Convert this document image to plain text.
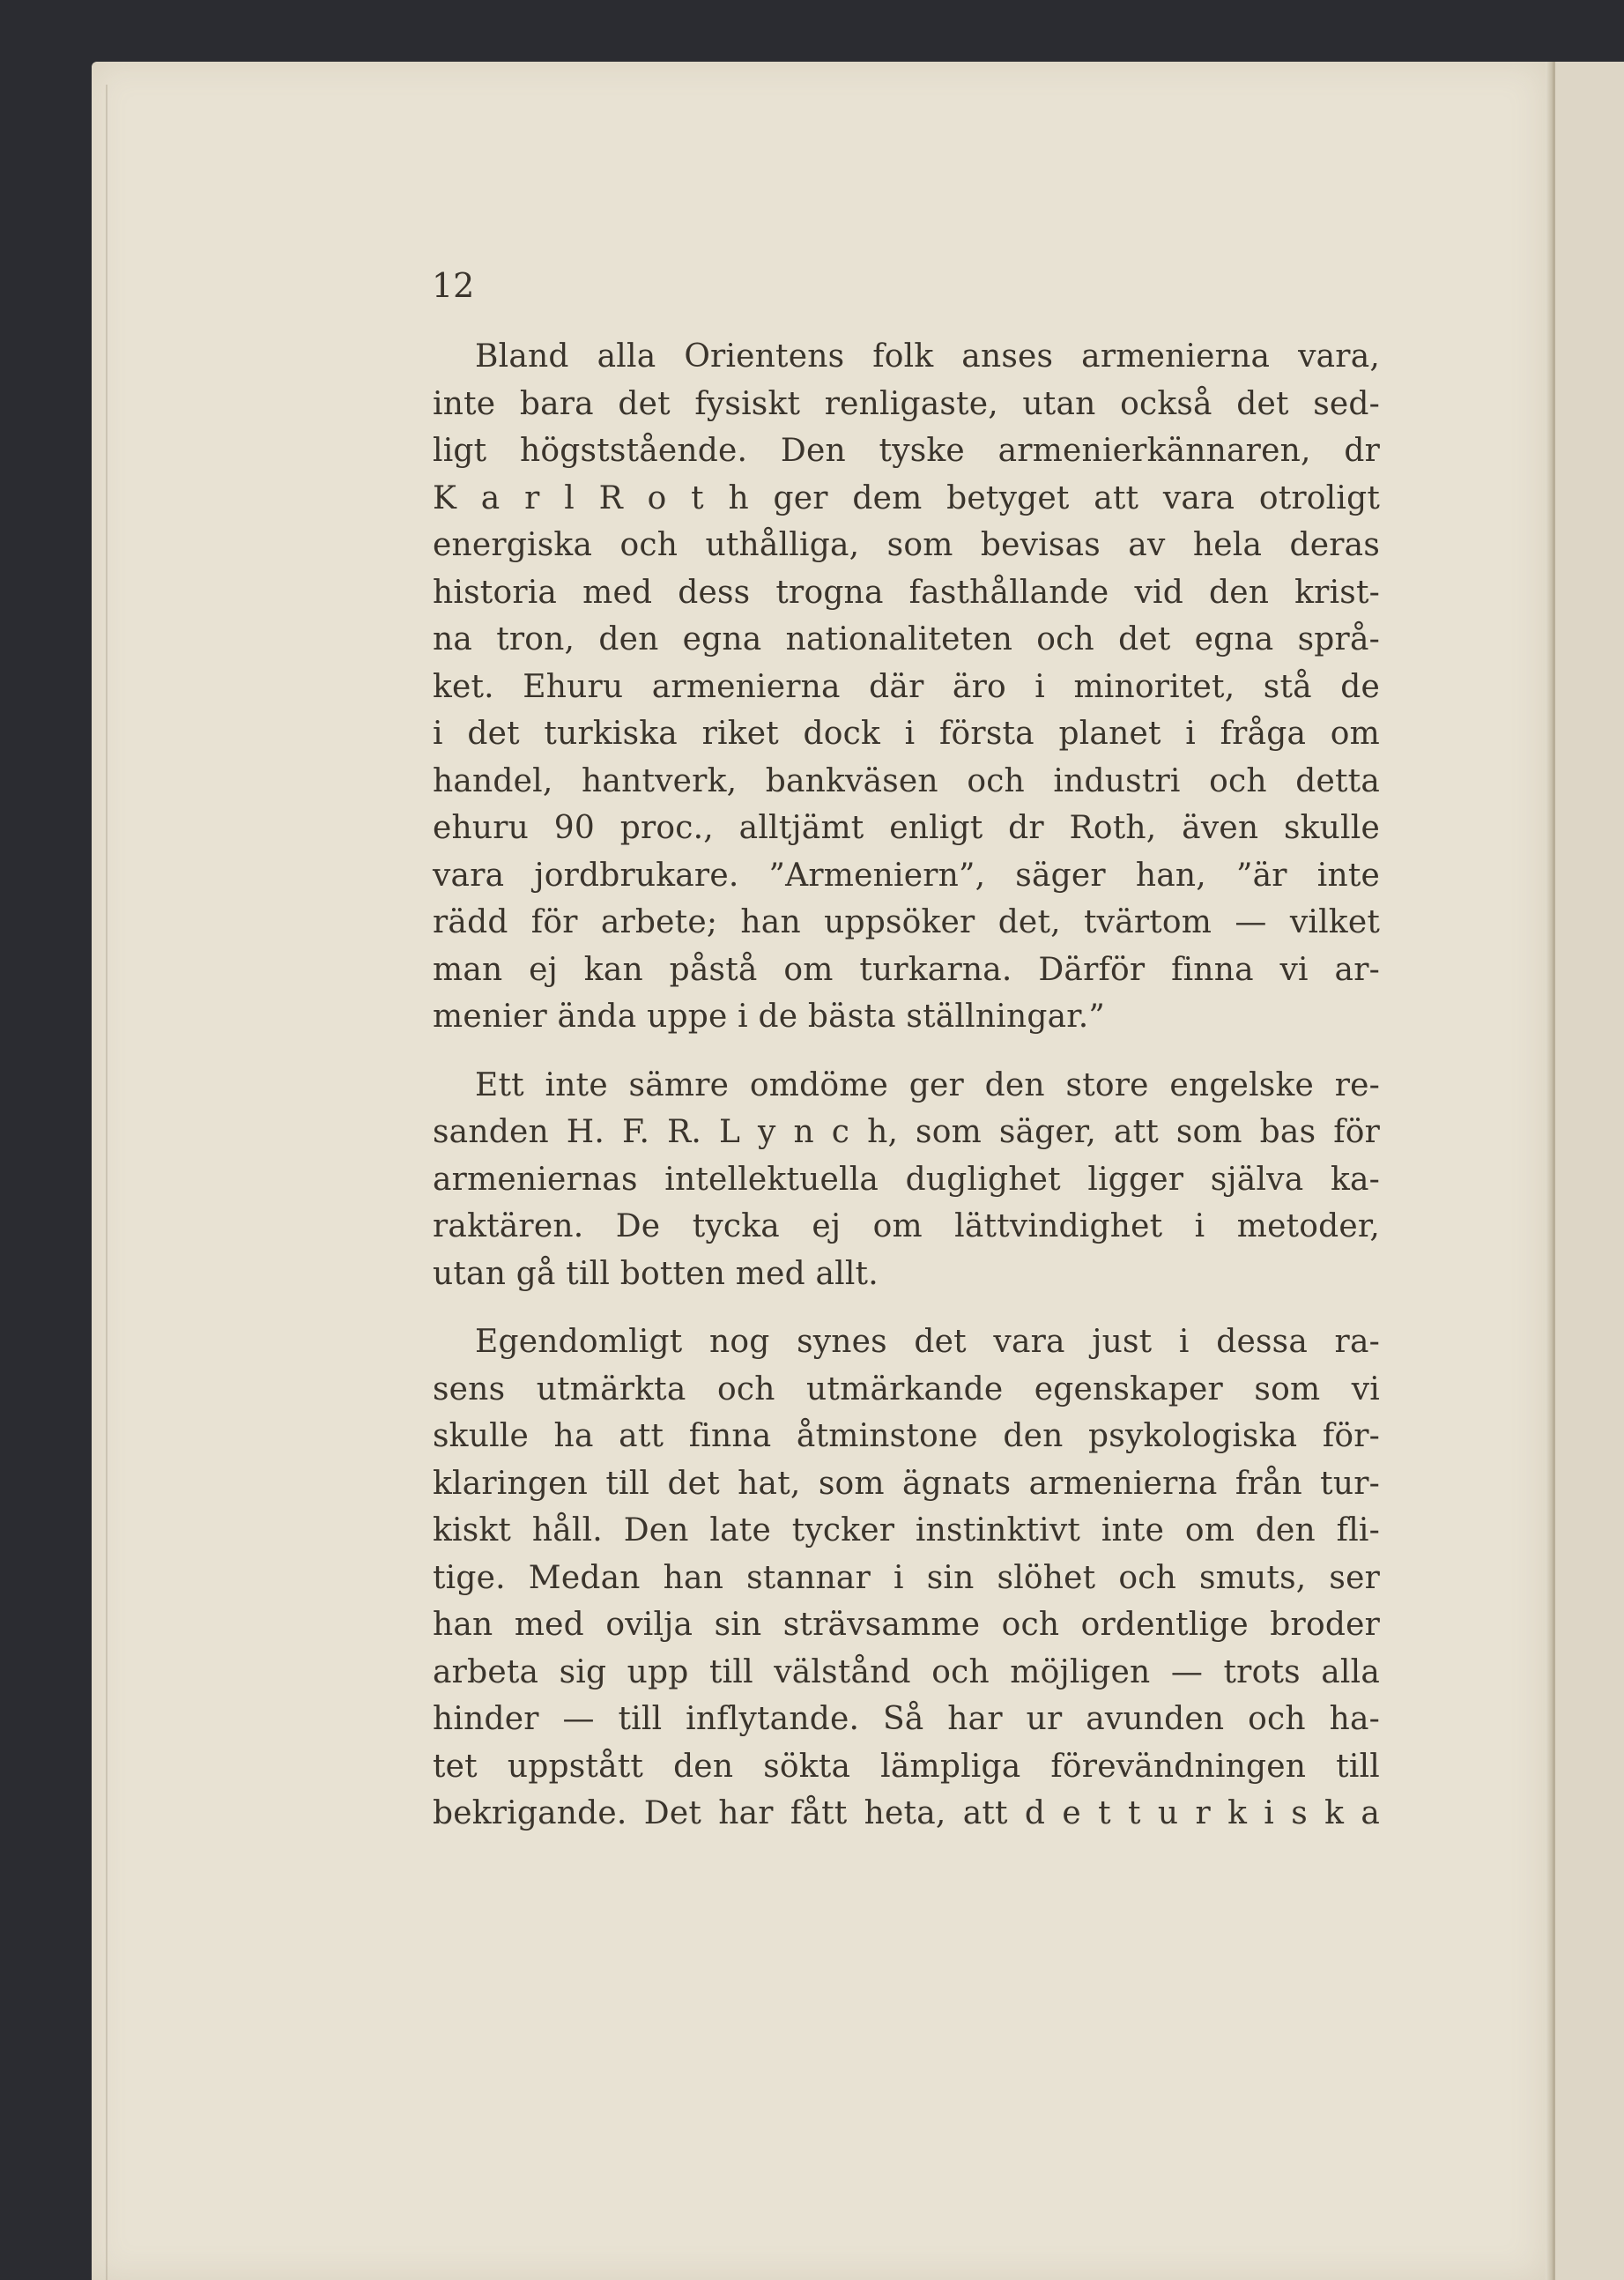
12
Bland alla Orientens folk anses armenierna vara,
inte bara det fysiskt renligaste, utan också det sed-
ligt högststående. Den tyske armenierkännaren, dr
K a r l R o t h ger dem betyget att vara otroligt
energiska och uthålliga, som bevisas av hela deras
historia med dess trogna fasthållande vid den krist-
na tron, den egna nationaliteten och det egna språ-
ket. Ehuru armenierna där äro i minoritet, stå de
i det turkiska riket dock i första planet i fråga om
handel, hantverk, bankväsen och industri och detta
ehuru 90 proc., alltjämt enligt dr Roth, även skulle
vara jordbrukare. ”Armeniern”, säger han, ”är inte
rädd för arbete; han uppsöker det, tvärtom — vilket
man ej kan påstå om turkarna. Därför finna vi ar-
menier ända uppe i de bästa ställningar.”
Ett inte sämre omdöme ger den store engelske re-
sanden H. F. R. L y n c h, som säger, att som bas för
armeniernas intellektuella duglighet ligger själva ka-
raktären. De tycka ej om lättvindighet i metoder,
utan gå till botten med allt.
Egendomligt nog synes det vara just i dessa ra-
sens utmärkta och utmärkande egenskaper som vi
skulle ha att finna åtminstone den psykologiska för-
klaringen till det hat, som ägnats armenierna från tur-
kiskt håll. Den late tycker instinktivt inte om den fli-
tige. Medan han stannar i sin slöhet och smuts, ser
han med ovilja sin strävsamme och ordentlige broder
arbeta sig upp till välstånd och möjligen — trots alla
hinder — till inflytande. Så har ur avunden och ha-
tet uppstått den sökta lämpliga förevändningen till
bekrigande. Det har fått heta, att d e t t u r k i s k a
